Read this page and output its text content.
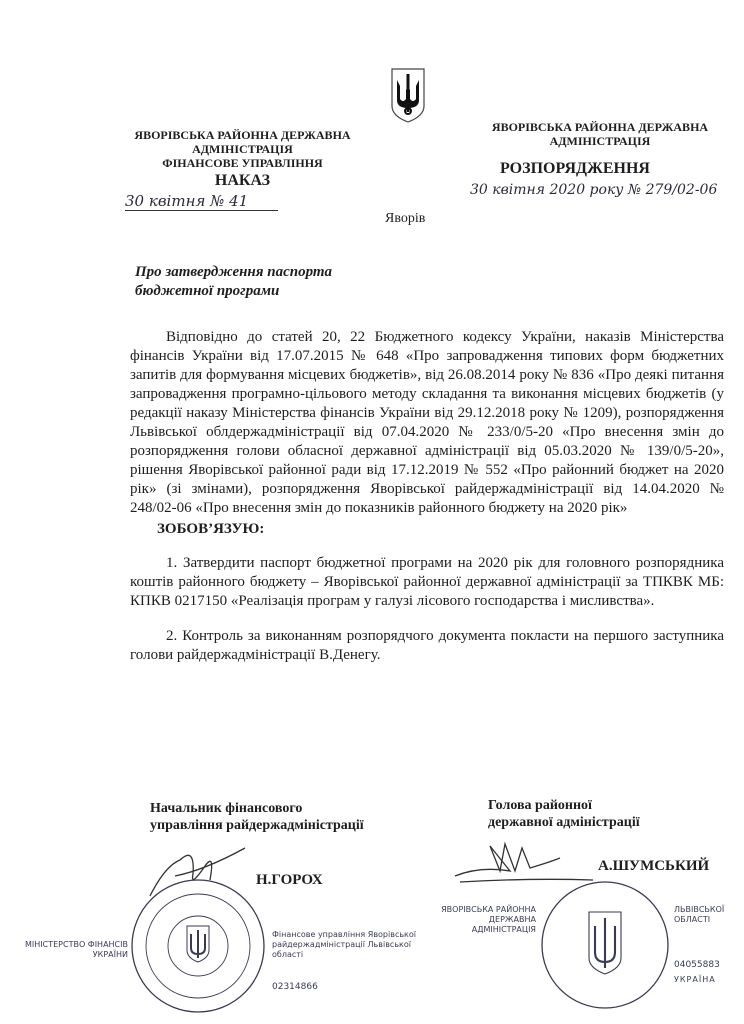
ЯВОРІВСЬКА РАЙОННА ДЕРЖАВНА
АДМІНІСТРАЦІЯ
ФІНАНСОВЕ УПРАВЛІННЯ
НАКАЗ
30 квітня № 41
ЯВОРІВСЬКА РАЙОННА ДЕРЖАВНА
АДМІНІСТРАЦІЯ
РОЗПОРЯДЖЕННЯ
30 квітня 2020 року № 279/02-06
Яворів
Про затвердження паспорта
бюджетної програми
Відповідно до статей 20, 22 Бюджетного кодексу України, наказів Міністерства фінансів України від 17.07.2015 № 648 «Про запровадження типових форм бюджетних запитів для формування місцевих бюджетів», від 26.08.2014 року № 836 «Про деякі питання запровадження програмно-цільового методу складання та виконання місцевих бюджетів (у редакції наказу Міністерства фінансів України від 29.12.2018 року № 1209), розпорядження Львівської облдержадміністрації від 07.04.2020 № 233/0/5-20 «Про внесення змін до розпорядження голови обласної державної адміністрації від 05.03.2020 № 139/0/5-20», рішення Яворівської районної ради від 17.12.2019 № 552 «Про районний бюджет на 2020 рік» (зі змінами), розпорядження Яворівської райдержадміністрації від 14.04.2020 № 248/02-06 «Про внесення змін до показників районного бюджету на 2020 рік»
ЗОБОВ’ЯЗУЮ:
1. Затвердити паспорт бюджетної програми на 2020 рік для головного розпорядника коштів районного бюджету – Яворівської районної державної адміністрації за ТПКВК МБ: КПКВ 0217150 «Реалізація програм у галузі лісового господарства і мисливства».
2. Контроль за виконанням розпорядчого документа покласти на першого заступника голови райдержадміністрації В.Денегу.
Начальник фінансового
управління райдержадміністрації
Н.ГОРОХ
МІНІСТЕРСТВО ФІНАНСІВ УКРАЇНИ
Фінансове управління Яворівської райдержадміністрації Львівської області
02314866
Голова районної
державної адміністрації
А.ШУМСЬКИЙ
ЯВОРІВСЬКА РАЙОННА ДЕРЖАВНА АДМІНІСТРАЦІЯ
ЛЬВІВСЬКОЇ ОБЛАСТІ
04055883
УКРАЇНА
